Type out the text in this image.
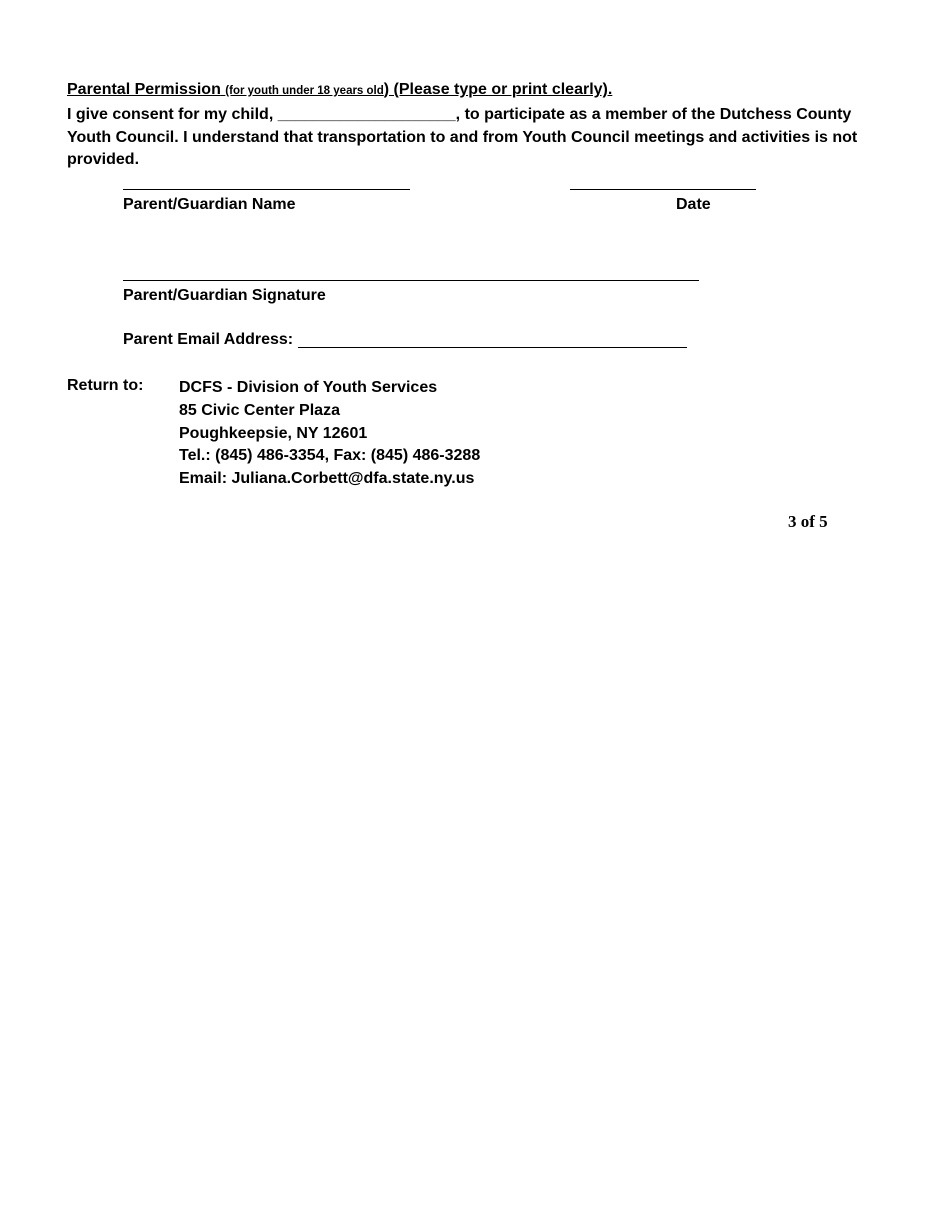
Parental Permission (for youth under 18 years old) (Please type or print clearly).
I give consent for my child, ____________________, to participate as a member of the Dutchess County Youth Council. I understand that transportation to and from Youth Council meetings and activities is not provided.
Parent/Guardian Name	Date
Parent/Guardian Signature
Parent Email Address:
Return to: DCFS - Division of Youth Services
85 Civic Center Plaza
Poughkeepsie, NY 12601
Tel.: (845) 486-3354, Fax: (845) 486-3288
Email: Juliana.Corbett@dfa.state.ny.us
3 of 5
